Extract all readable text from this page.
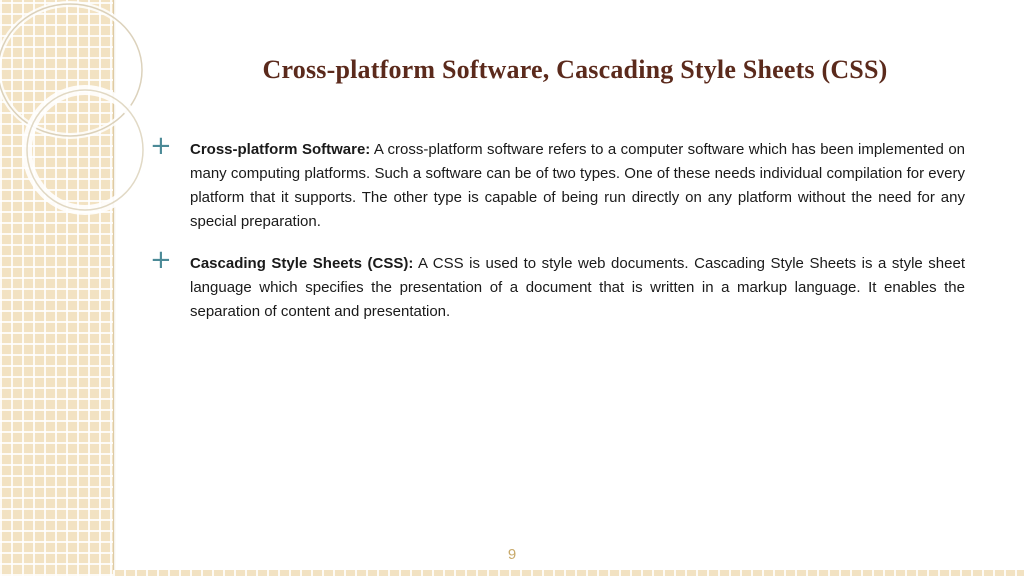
Cross-platform Software, Cascading Style Sheets (CSS)
+ Cross-platform Software: A cross-platform software refers to a computer software which has been implemented on many computing platforms. Such a software can be of two types. One of these needs individual compilation for every platform that it supports. The other type is capable of being run directly on any platform without the need for any special preparation.

+ Cascading Style Sheets (CSS): A CSS is used to style web documents. Cascading Style Sheets is a style sheet language which specifies the presentation of a document that is written in a markup language. It enables the separation of content and presentation.

9
